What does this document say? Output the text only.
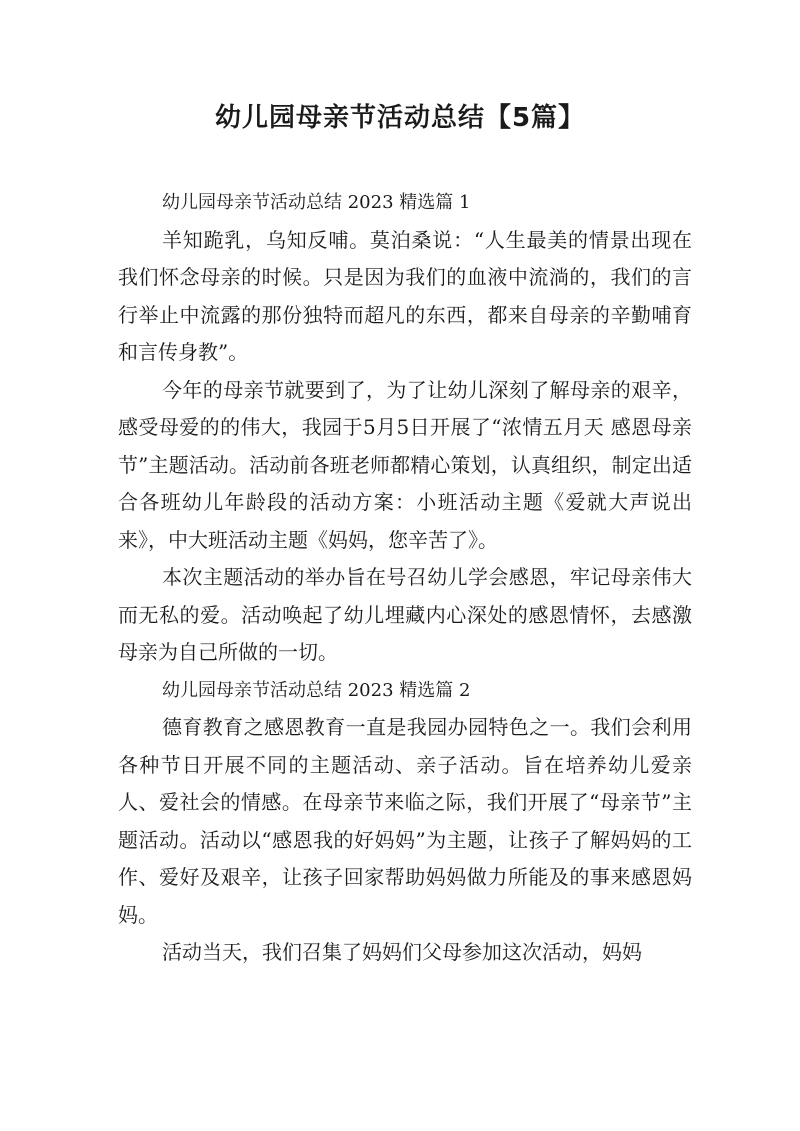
幼儿园母亲节活动总结【5篇】

幼儿园母亲节活动总结 2023 精选篇 1

羊知跪乳，乌知反哺。莫泊桑说：“人生最美的情景出现在我们怀念母亲的时候。只是因为我们的血液中流淌的，我们的言行举止中流露的那份独特而超凡的东西，都来自母亲的辛勤哺育和言传身教”。

今年的母亲节就要到了，为了让幼儿深刻了解母亲的艰辛，感受母爱的的伟大，我园于5月5日开展了“浓情五月天 感恩母亲节”主题活动。活动前各班老师都精心策划，认真组织，制定出适合各班幼儿年龄段的活动方案：小班活动主题《爱就大声说出来》，中大班活动主题《妈妈，您辛苦了》。

本次主题活动的举办旨在号召幼儿学会感恩，牢记母亲伟大而无私的爱。活动唤起了幼儿埋藏内心深处的感恩情怀，去感激母亲为自己所做的一切。

幼儿园母亲节活动总结 2023 精选篇 2

德育教育之感恩教育一直是我园办园特色之一。我们会利用各种节日开展不同的主题活动、亲子活动。旨在培养幼儿爱亲人、爱社会的情感。在母亲节来临之际，我们开展了“母亲节”主题活动。活动以“感恩我的好妈妈”为主题，让孩子了解妈妈的工作、爱好及艰辛，让孩子回家帮助妈妈做力所能及的事来感恩妈妈。

活动当天，我们召集了妈妈们父母参加这次活动，妈妈
